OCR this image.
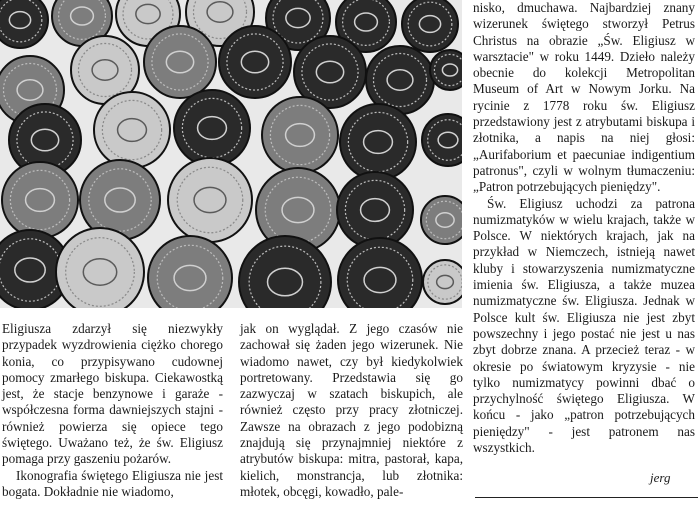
Eligiusza zdarzył się niezwykły przypadek wyzdrowienia ciężko chorego konia, co przypisywano cudownej pomocy zmarłego biskupa. Ciekawostką jest, że stacje benzynowe i garaże - współczesna forma dawniejszych stajni - również powierza się opiece tego świętego. Uważano też, że św. Eligiusz pomaga przy gaszeniu pożarów.

Ikonografia świętego Eligiusza nie jest bogata. Dokładnie nie wiadomo,

jak on wyglądał. Z jego czasów nie zachował się żaden jego wizerunek. Nie wiadomo nawet, czy był kiedykolwiek portretowany. Przedstawia się go zazwyczaj w szatach biskupich, ale również często przy pracy złotniczej. Zawsze na obrazach z jego podobizną znajdują się przynajmniej niektóre z atrybutów biskupa: mitra, pastorał, kapa, kielich, monstrancja, lub złotnika: młotek, obcęgi, kowadło, pale-

nisko, dmuchawa. Najbardziej znany wizerunek świętego stworzył Petrus Christus na obrazie „Św. Eligiusz w warsztacie" w roku 1449. Dzieło należy obecnie do kolekcji Metropolitan Museum of Art w Nowym Jorku. Na rycinie z 1778 roku św. Eligiusz przedstawiony jest z atrybutami biskupa i złotnika, a napis na niej głosi: „Aurifaborium et paecuniae indigentium patronus", czyli w wolnym tłumaczeniu: „Patron potrzebujących pieniędzy".

Św. Eligiusz uchodzi za patrona numizmatyków w wielu krajach, także w Polsce. W niektórych krajach, jak na przykład w Niemczech, istnieją nawet kluby i stowarzyszenia numizmatyczne imienia św. Eligiusza, a także muzea numizmatyczne św. Eligiusza. Jednak w Polsce kult św. Eligiusza nie jest zbyt powszechny i jego postać nie jest u nas zbyt dobrze znana. A przecież teraz - w okresie po światowym kryzysie - nie tylko numizmatycy powinni dbać o przychylność świętego Eligiusza. W końcu - jako „patron potrzebujących pieniędzy" - jest patronem nas wszystkich.

jerg
